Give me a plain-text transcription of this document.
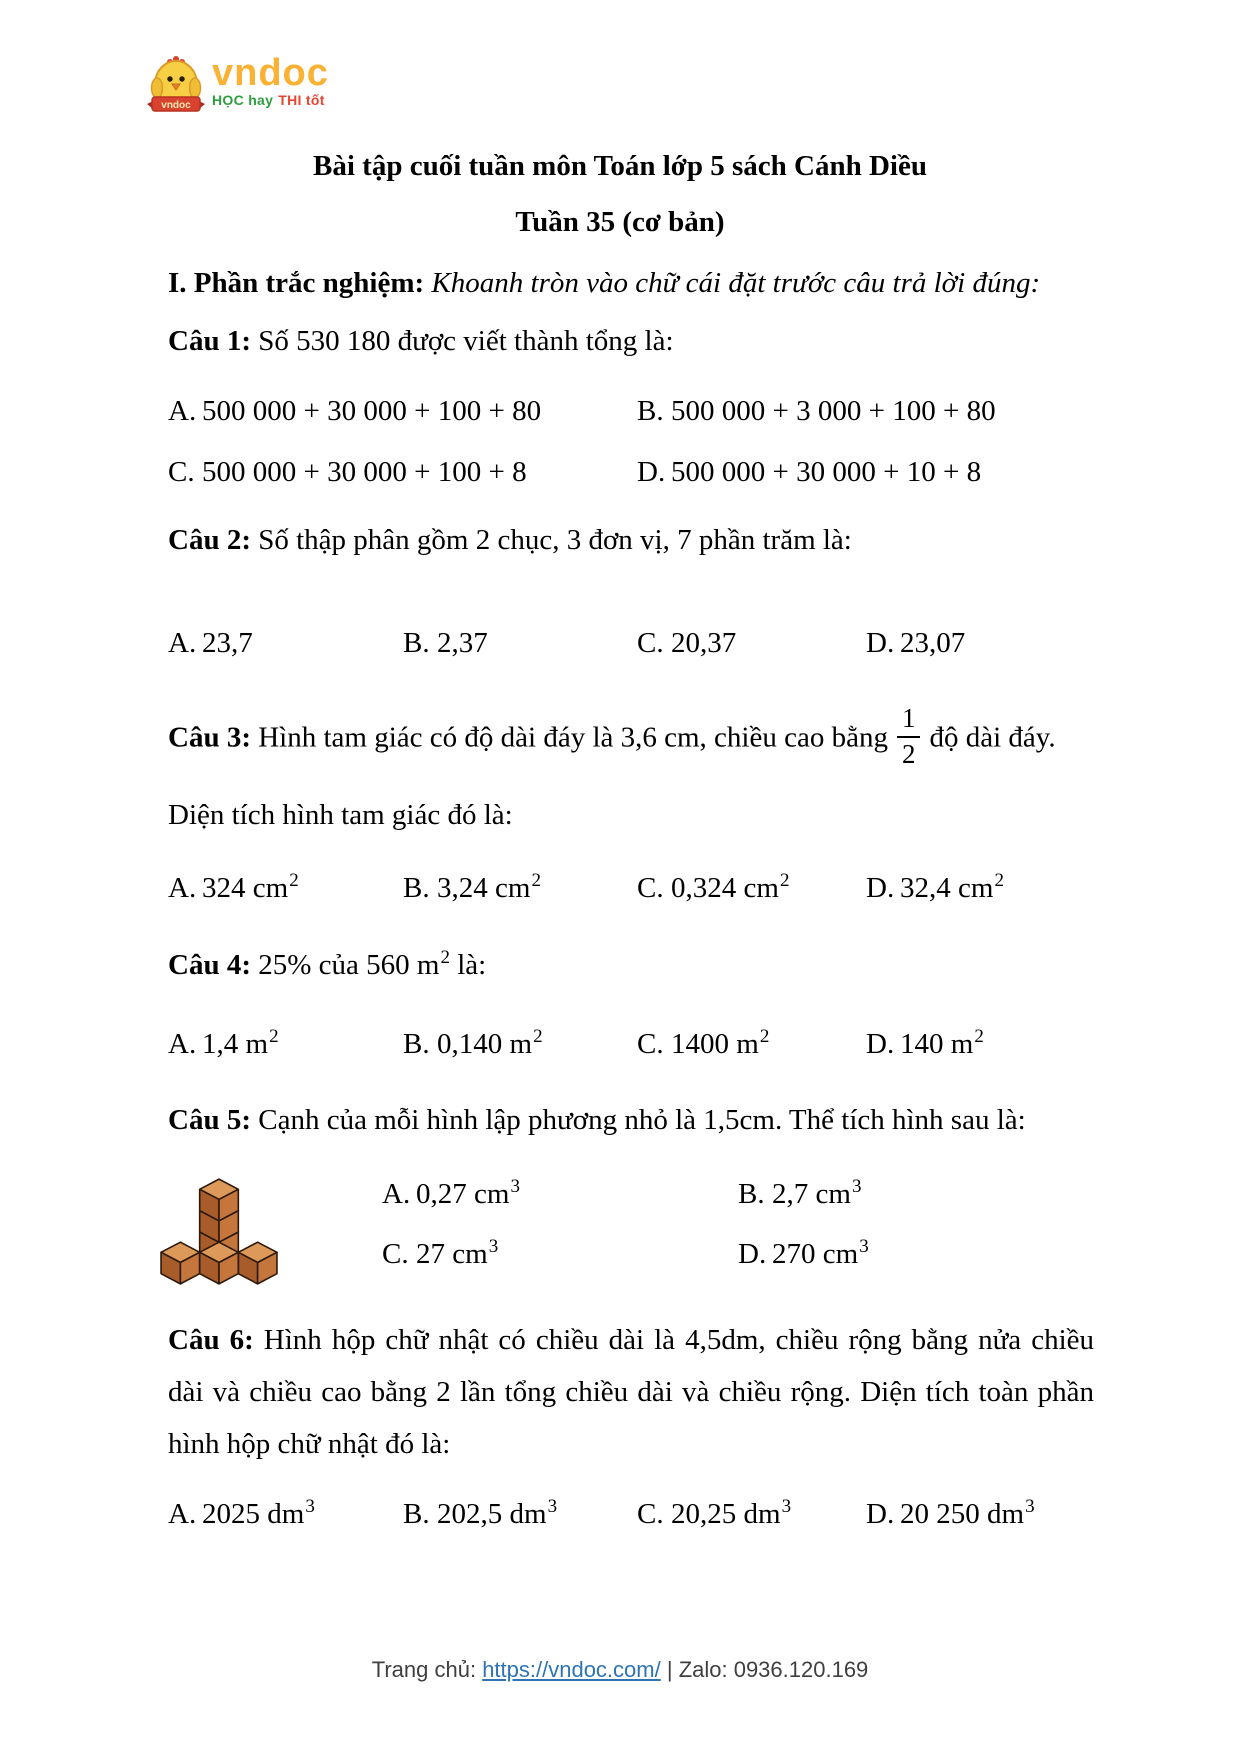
vndoc
vndoc
HỌC hay THI tốt
Bài tập cuối tuần môn Toán lớp 5 sách Cánh Diều
Tuần 35 (cơ bản)
I. Phần trắc nghiệm: Khoanh tròn vào chữ cái đặt trước câu trả lời đúng:
Câu 1: Số 530 180 được viết thành tổng là:
A. 500 000 + 30 000 + 100 + 80	B. 500 000 + 3 000 + 100 + 80
C. 500 000 + 30 000 + 100 + 8	D. 500 000 + 30 000 + 10 + 8
Câu 2: Số thập phân gồm 2 chục, 3 đơn vị, 7 phần trăm là:
A. 23,7	B. 2,37	C. 20,37	D. 23,07
Câu 3: Hình tam giác có độ dài đáy là 3,6 cm, chiều cao bằng $\frac{1}{2}$ độ dài đáy.
Diện tích hình tam giác đó là:
A. 324 $cm^2$	B. 3,24 $cm^2$	C. 0,324 $cm^2$	D. 32,4 $cm^2$
Câu 4: 25% của 560 $m^2$ là:
A. 1,4 $m^2$	B. 0,140 $m^2$	C. 1400 $m^2$	D. 140 $m^2$
Câu 5: Cạnh của mỗi hình lập phương nhỏ là 1,5cm. Thể tích hình sau là:
A. 0,27 $cm^3$	B. 2,7 $cm^3$
C. 27 $cm^3$	D. 270 $cm^3$
Câu 6: Hình hộp chữ nhật có chiều dài là 4,5dm, chiều rộng bằng nửa chiều
dài và chiều cao bằng 2 lần tổng chiều dài và chiều rộng. Diện tích toàn phần
hình hộp chữ nhật đó là:
A. 2025 $dm^3$	B. 202,5 $dm^3$	C. 20,25 $dm^3$	D. 20 250 $dm^3$
Trang chủ: https://vndoc.com/ | Zalo: 0936.120.169
